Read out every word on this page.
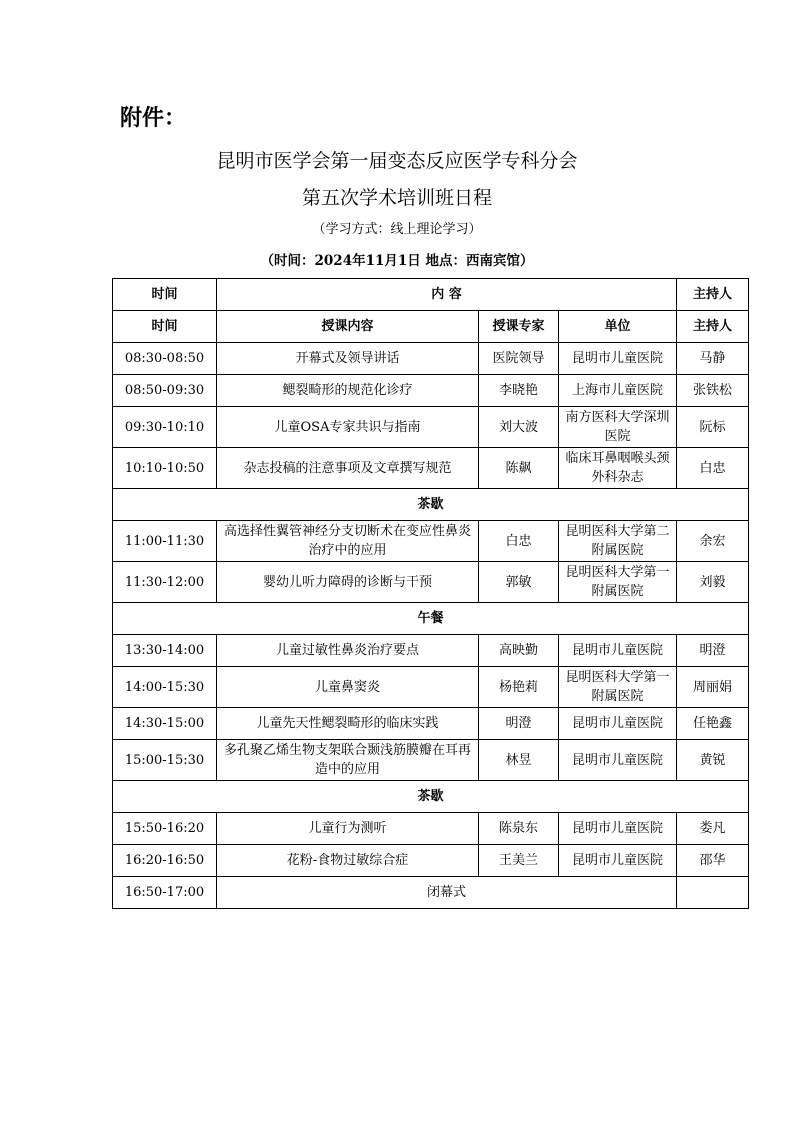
附件：
昆明市医学会第一届变态反应医学专科分会
第五次学术培训班日程
（学习方式：线上理论学习）
（时间：2024年11月1日 地点：西南宾馆）
时间	内 容			主持人
时间	授课内容	授课专家	单位	主持人
08:30-08:50	开幕式及领导讲话	医院领导	昆明市儿童医院	马静
08:50-09:30	鳃裂畸形的规范化诊疗	李晓艳	上海市儿童医院	张铁松
09:30-10:10	儿童OSA专家共识与指南	刘大波	南方医科大学深圳医院	阮标
10:10-10:50	杂志投稿的注意事项及文章撰写规范	陈飙	临床耳鼻咽喉头颈外科杂志	白忠
茶歇				
11:00-11:30	高选择性翼管神经分支切断术在变应性鼻炎治疗中的应用	白忠	昆明医科大学第二附属医院	余宏
11:30-12:00	婴幼儿听力障碍的诊断与干预	郭敏	昆明医科大学第一附属医院	刘毅
午餐				
13:30-14:00	儿童过敏性鼻炎治疗要点	高映勤	昆明市儿童医院	明澄
14:00-15:30	儿童鼻窦炎	杨艳莉	昆明医科大学第一附属医院	周丽娟
14:30-15:00	儿童先天性鳃裂畸形的临床实践	明澄	昆明市儿童医院	任艳鑫
15:00-15:30	多孔聚乙烯生物支架联合颞浅筋膜瓣在耳再造中的应用	林昱	昆明市儿童医院	黄锐
茶歇				
15:50-16:20	儿童行为测听	陈泉东	昆明市儿童医院	娄凡
16:20-16:50	花粉-食物过敏综合症	王美兰	昆明市儿童医院	邵华
16:50-17:00	闭幕式			
